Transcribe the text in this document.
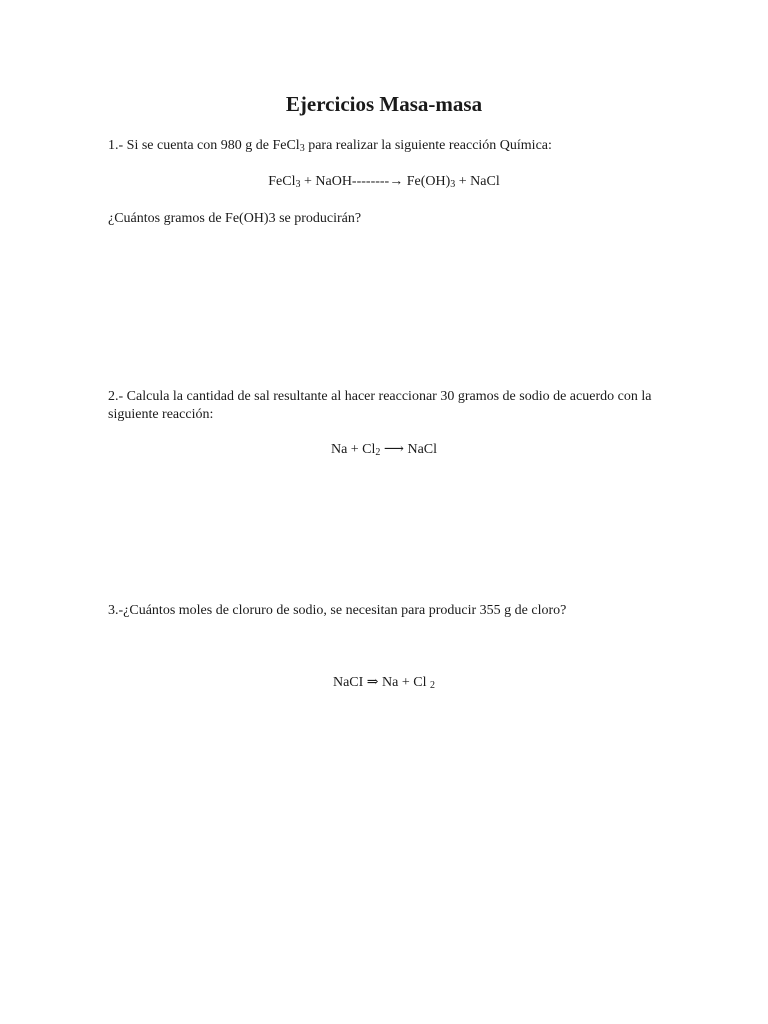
Ejercicios Masa-masa
1.- Si se cuenta con 980 g de FeCl$_3$ para realizar la siguiente reacción Química:
FeCl$_3$ + NaOH--------→ $Fe(OH)_3$ + NaCl
¿Cuántos gramos de Fe(OH)3 se producirán?
2.- Calcula la cantidad de sal resultante al hacer reaccionar 30 gramos de sodio de acuerdo con la siguiente reacción:
$Na + Cl_2$ ⟶ NaCl
3.-¿Cuántos moles de cloruro de sodio, se necesitan para producir 355 g de cloro?
NaCI ⇒ Na + Cl $_2$
